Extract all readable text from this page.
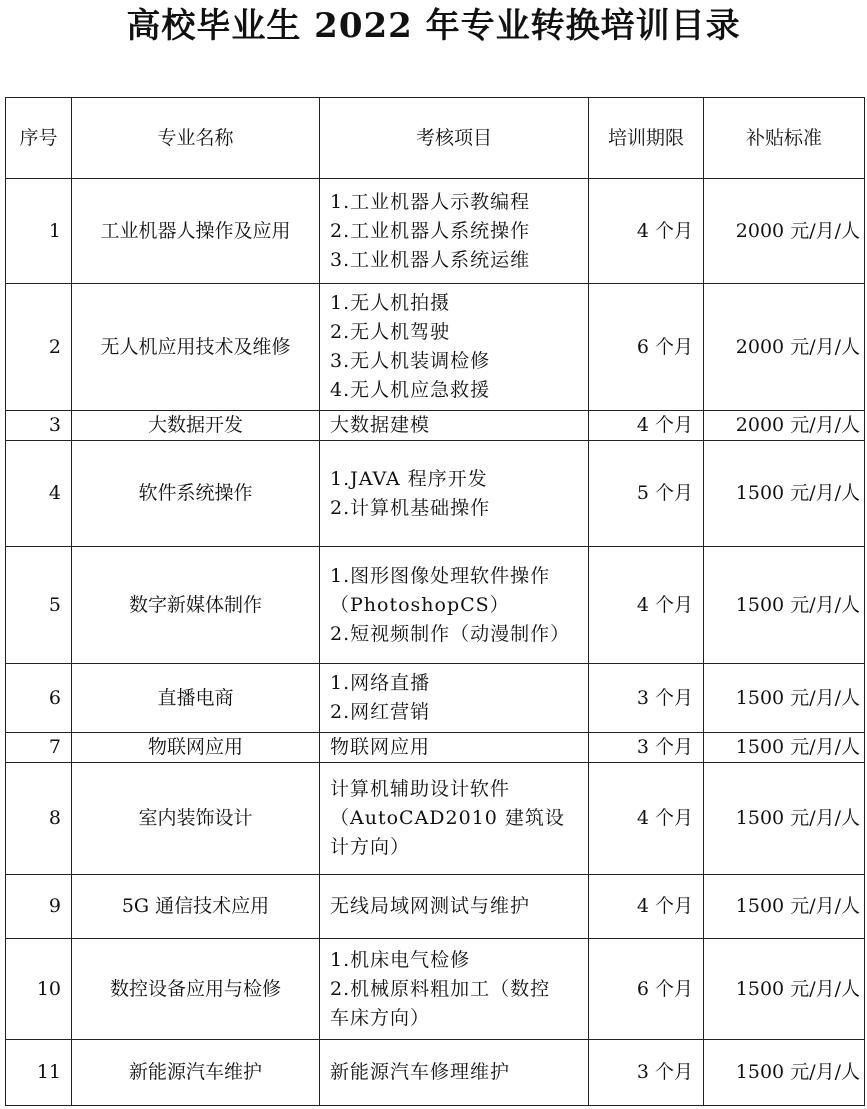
高校毕业生 2022 年专业转换培训目录
序号	专业名称	考核项目	培训期限	补贴标准
1	工业机器人操作及应用	1.工业机器人示教编程
2.工业机器人系统操作
3.工业机器人系统运维	4 个月	2000 元/月/人
2	无人机应用技术及维修	1.无人机拍摄
2.无人机驾驶
3.无人机装调检修
4.无人机应急救援	6 个月	2000 元/月/人
3	大数据开发	大数据建模	4 个月	2000 元/月/人
4	软件系统操作	1.JAVA 程序开发
2.计算机基础操作	5 个月	1500 元/月/人
5	数字新媒体制作	1.图形图像处理软件操作
（PhotoshopCS）
2.短视频制作（动漫制作）	4 个月	1500 元/月/人
6	直播电商	1.网络直播
2.网红营销	3 个月	1500 元/月/人
7	物联网应用	物联网应用	3 个月	1500 元/月/人
8	室内装饰设计	计算机辅助设计软件
（AutoCAD2010 建筑设
计方向）	4 个月	1500 元/月/人
9	5G 通信技术应用	无线局域网测试与维护	4 个月	1500 元/月/人
10	数控设备应用与检修	1.机床电气检修
2.机械原料粗加工（数控
车床方向）	6 个月	1500 元/月/人
11	新能源汽车维护	新能源汽车修理维护	3 个月	1500 元/月/人
